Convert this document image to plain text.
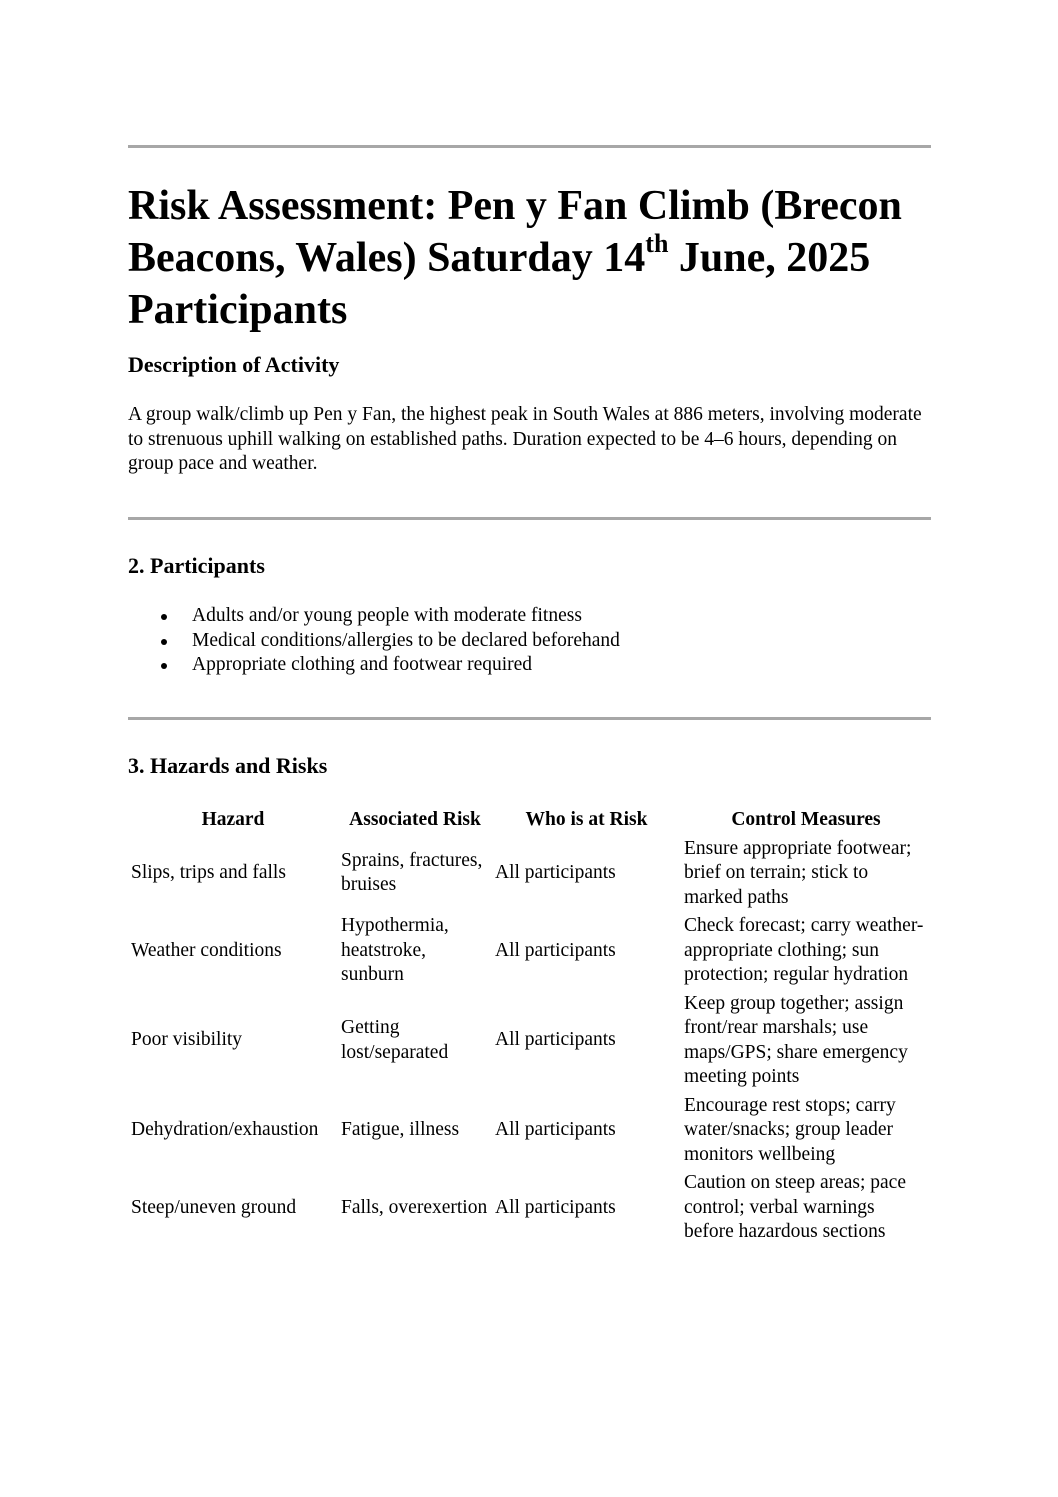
Risk Assessment: Pen y Fan Climb (Brecon Beacons, Wales) Saturday 14th June, 2025 Participants
Description of Activity

A group walk/climb up Pen y Fan, the highest peak in South Wales at 886 meters, involving moderate to strenuous uphill walking on established paths. Duration expected to be 4–6 hours, depending on group pace and weather.

2. Participants
Adults and/or young people with moderate fitness
Medical conditions/allergies to be declared beforehand
Appropriate clothing and footwear required
3. Hazards and Risks
Hazard	Associated Risk	Who is at Risk	Control Measures
Slips, trips and falls	Sprains, fractures, bruises	All participants	Ensure appropriate footwear; brief on terrain; stick to marked paths
Weather conditions	Hypothermia, heatstroke, sunburn	All participants	Check forecast; carry weather-appropriate clothing; sun protection; regular hydration
Poor visibility	Getting lost/separated	All participants	Keep group together; assign front/rear marshals; use maps/GPS; share emergency meeting points
Dehydration/exhaustion	Fatigue, illness	All participants	Encourage rest stops; carry water/snacks; group leader monitors wellbeing
Steep/uneven ground	Falls, overexertion	All participants	Caution on steep areas; pace control; verbal warnings before hazardous sections
